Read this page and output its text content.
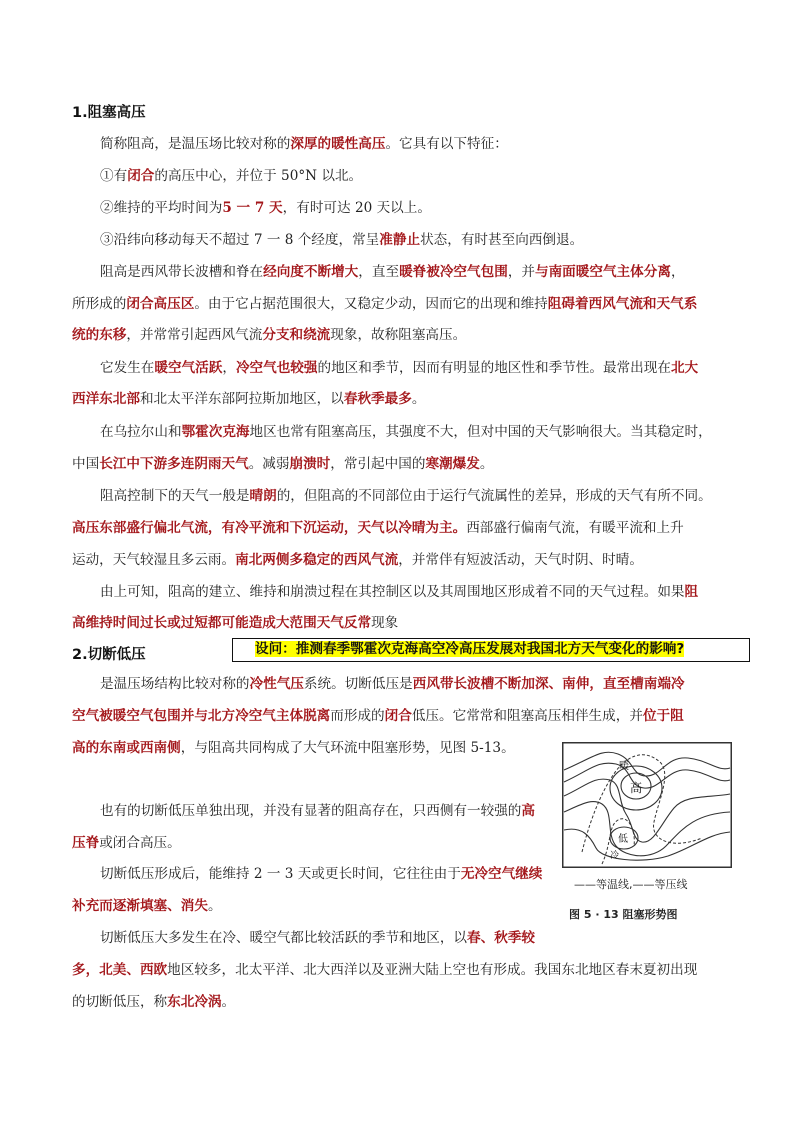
1.阻塞高压
简称阻高，是温压场比较对称的深厚的暖性高压。它具有以下特征：
①有闭合的高压中心，并位于 50°N 以北。
②维持的平均时间为5 一 7 天，有时可达 20 天以上。
③沿纬向移动每天不超过 7 一 8 个经度，常呈准静止状态，有时甚至向西倒退。
阻高是西风带长波槽和脊在经向度不断增大，直至暖脊被冷空气包围，并与南面暖空气主体分离，
所形成的闭合高压区。由于它占据范围很大，又稳定少动，因而它的出现和维持阻碍着西风气流和天气系
统的东移，并常常引起西风气流分支和绕流现象，故称阻塞高压。
它发生在暖空气活跃，冷空气也较强的地区和季节，因而有明显的地区性和季节性。最常出现在北大
西洋东北部和北太平洋东部阿拉斯加地区，以春秋季最多。
在乌拉尔山和鄂霍次克海地区也常有阻塞高压，其强度不大，但对中国的天气影响很大。当其稳定时，
中国长江中下游多连阴雨天气。减弱崩溃时，常引起中国的寒潮爆发。
阻高控制下的天气一般是晴朗的，但阻高的不同部位由于运行气流属性的差异，形成的天气有所不同。
高压东部盛行偏北气流，有冷平流和下沉运动，天气以冷晴为主。西部盛行偏南气流，有暖平流和上升
运动，天气较湿且多云雨。南北两侧多稳定的西风气流，并常伴有短波活动，天气时阴、时晴。
由上可知，阻高的建立、维持和崩溃过程在其控制区以及其周围地区形成着不同的天气过程。如果阻
高维持时间过长或过短都可能造成大范围天气反常现象
2.切断低压	设问：推测春季鄂霍次克海高空冷高压发展对我国北方天气变化的影响?
是温压场结构比较对称的冷性气压系统。切断低压是西风带长波槽不断加深、南伸，直至槽南端冷
空气被暖空气包围并与北方冷空气主体脱离而形成的闭合低压。它常常和阻塞高压相伴生成，并位于阻
高的东南或西南侧，与阻高共同构成了大气环流中阻塞形势，见图 5-13。
也有的切断低压单独出现，并没有显著的阻高存在，只西侧有一较强的高
压脊或闭合高压。
切断低压形成后，能维持 2 一 3 天或更长时间，它往往由于无冷空气继续
补充而逐渐填塞、消失。
切断低压大多发生在冷、暖空气都比较活跃的季节和地区，以春、秋季较
多，北美、西欧地区较多，北太平洋、北大西洋以及亚洲大陆上空也有形成。我国东北地区春末夏初出现
的切断低压，称东北冷涡。
暖
高
低
冷
——等温线,——等压线
图 5 · 13 阻塞形势图
